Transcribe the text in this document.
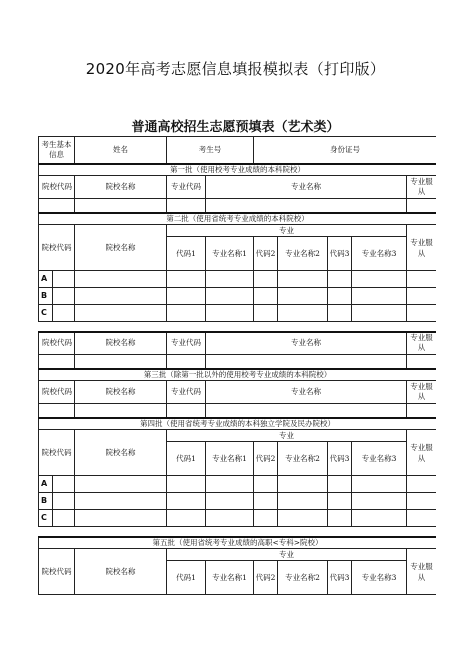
2020年高考志愿信息填报模拟表（打印版）
普通高校招生志愿预填表（艺术类）
考生基本信息		姓名	考生号		身份证号				
第一批（使用校考专业成绩的本科院校）									
院校代码		院校名称	专业代码	专业名称					专业服从

第二批（使用省统考专业成绩的本科院校）									
院校代码		院校名称	专业						专业服从
			代码1	专业名称1	代码2	专业名称2	代码3	专业名称3	
A									
B									
C									

院校代码		院校名称	专业代码	专业名称					专业服从

第三批（除第一批以外的使用校考专业成绩的本科院校）									
院校代码		院校名称	专业代码	专业名称					专业服从

第四批（使用省统考专业成绩的本科独立学院及民办院校）									
院校代码		院校名称	专业						专业服从
			代码1	专业名称1	代码2	专业名称2	代码3	专业名称3	
A									
B									
C									

第五批（使用省统考专业成绩的高职<专科>院校）									
院校代码		院校名称	专业						专业服从
			代码1	专业名称1	代码2	专业名称2	代码3	专业名称3	
